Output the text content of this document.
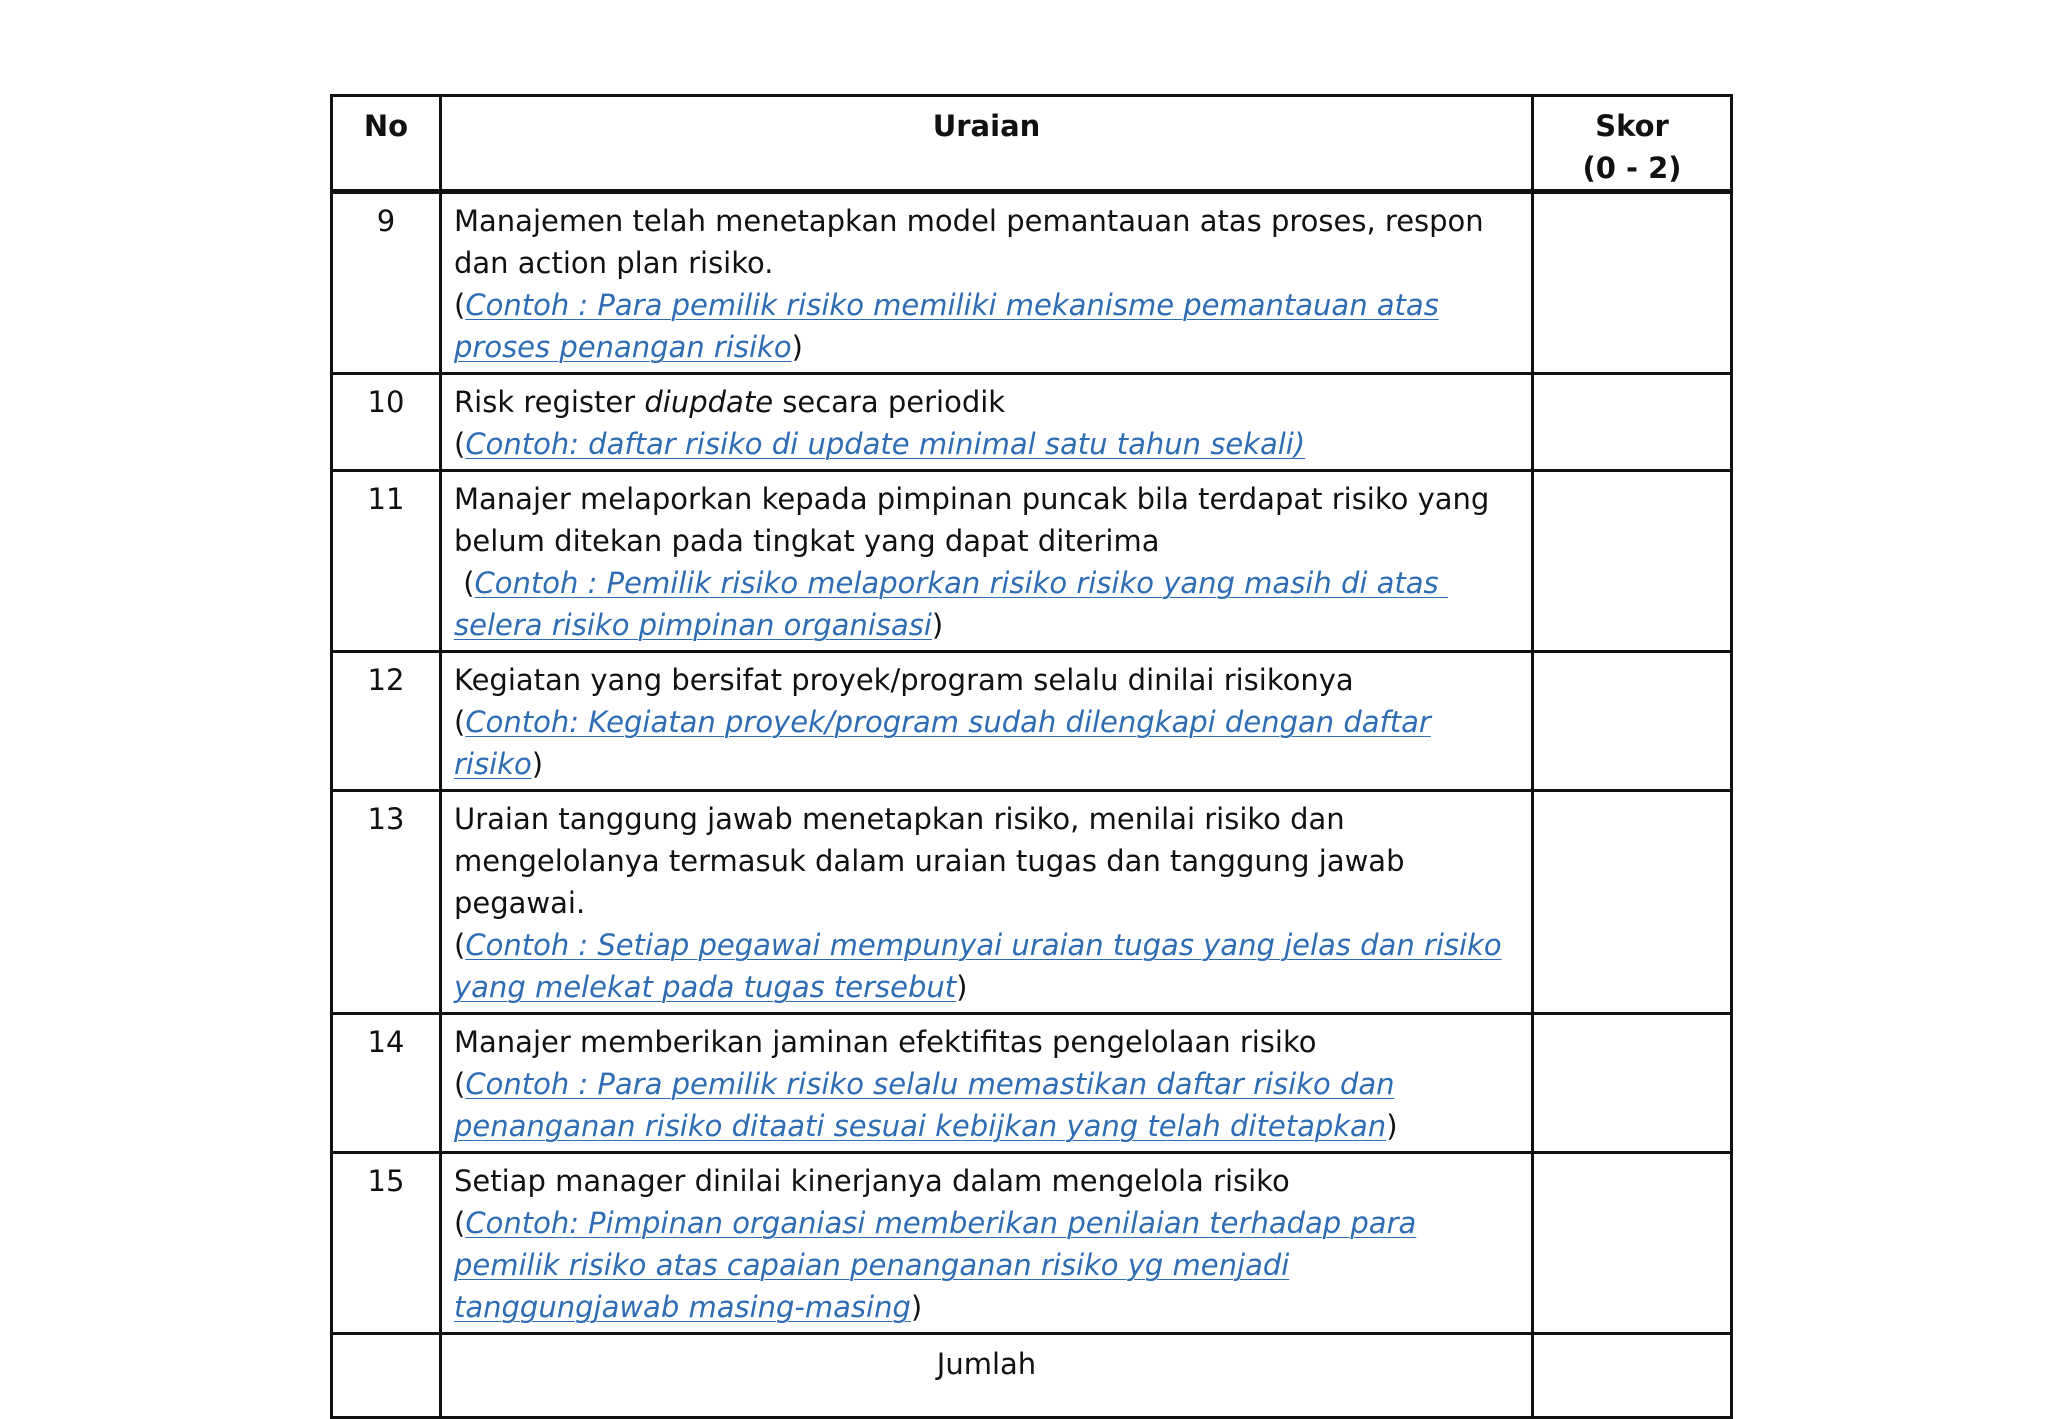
No	Uraian	Skor
(0 - 2)

9	Manajemen telah menetapkan model pemantauan atas proses, respon dan action plan risiko.
(Contoh : Para pemilik risiko memiliki mekanisme pemantauan atas proses penangan risiko)	

10	Risk register diupdate secara periodik
(Contoh: daftar risiko di update minimal satu tahun sekali)	

11	Manajer melaporkan kepada pimpinan puncak bila terdapat risiko yang belum ditekan pada tingkat yang dapat diterima
(Contoh : Pemilik risiko melaporkan risiko risiko yang masih di atas selera risiko pimpinan organisasi)	

12	Kegiatan yang bersifat proyek/program selalu dinilai risikonya
(Contoh: Kegiatan proyek/program sudah dilengkapi dengan daftar risiko)	

13	Uraian tanggung jawab menetapkan risiko, menilai risiko dan mengelolanya termasuk dalam uraian tugas dan tanggung jawab pegawai.
(Contoh : Setiap pegawai mempunyai uraian tugas yang jelas dan risiko yang melekat pada tugas tersebut)	

14	Manajer memberikan jaminan efektifitas pengelolaan risiko
(Contoh : Para pemilik risiko selalu memastikan daftar risiko dan penanganan risiko ditaati sesuai kebijkan yang telah ditetapkan)	

15	Setiap manager dinilai kinerjanya dalam mengelola risiko
(Contoh: Pimpinan organiasi memberikan penilaian terhadap para pemilik risiko atas capaian penanganan risiko yg menjadi tanggungjawab masing-masing)	

	Jumlah	
